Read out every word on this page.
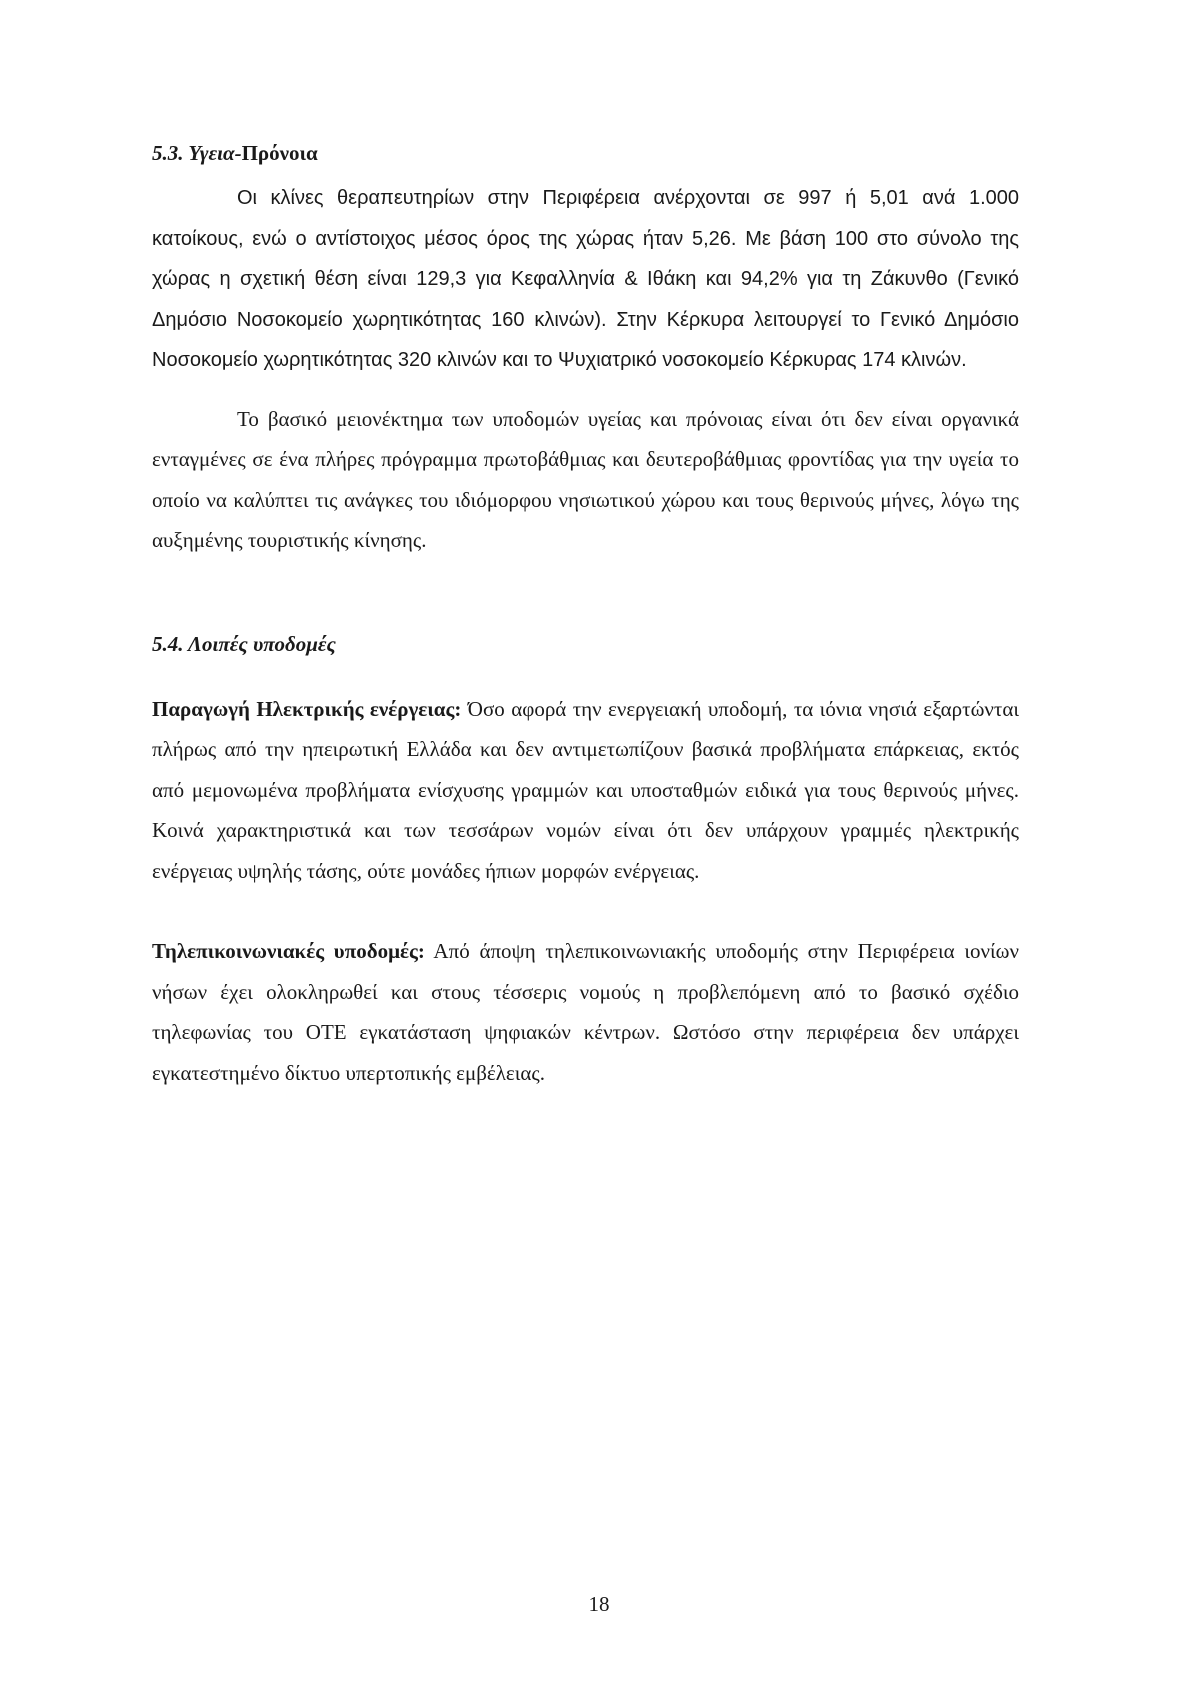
5.3. Υγεια-Πρόνοια

Οι κλίνες θεραπευτηρίων στην Περιφέρεια ανέρχονται σε 997 ή 5,01 ανά 1.000 κατοίκους, ενώ ο αντίστοιχος μέσος όρος της χώρας ήταν 5,26. Με βάση 100 στο σύνολο της χώρας η σχετική θέση είναι 129,3 για Κεφαλληνία & Ιθάκη και 94,2% για τη Ζάκυνθο (Γενικό Δημόσιο Νοσοκομείο χωρητικότητας 160 κλινών). Στην Κέρκυρα λειτουργεί το Γενικό Δημόσιο Νοσοκομείο χωρητικότητας 320 κλινών και το Ψυχιατρικό νοσοκομείο Κέρκυρας 174 κλινών.

Το βασικό μειονέκτημα των υποδομών υγείας και πρόνοιας είναι ότι δεν είναι οργανικά ενταγμένες σε ένα πλήρες πρόγραμμα πρωτοβάθμιας και δευτεροβάθμιας φροντίδας για την υγεία το οποίο να καλύπτει τις ανάγκες του ιδιόμορφου νησιωτικού χώρου και τους θερινούς μήνες, λόγω της αυξημένης τουριστικής κίνησης.

5.4. Λοιπές υποδομές

Παραγωγή Ηλεκτρικής ενέργειας: Όσο αφορά την ενεργειακή υποδομή, τα ιόνια νησιά εξαρτώνται πλήρως από την ηπειρωτική Ελλάδα και δεν αντιμετωπίζουν βασικά προβλήματα επάρκειας, εκτός από μεμονωμένα προβλήματα ενίσχυσης γραμμών και υποσταθμών ειδικά για τους θερινούς μήνες. Κοινά χαρακτηριστικά και των τεσσάρων νομών είναι ότι δεν υπάρχουν γραμμές ηλεκτρικής ενέργειας υψηλής τάσης, ούτε μονάδες ήπιων μορφών ενέργειας.

Τηλεπικοινωνιακές υποδομές: Από άποψη τηλεπικοινωνιακής υποδομής στην Περιφέρεια ιονίων νήσων έχει ολοκληρωθεί και στους τέσσερις νομούς η προβλεπόμενη από το βασικό σχέδιο τηλεφωνίας του ΟΤΕ εγκατάσταση ψηφιακών κέντρων. Ωστόσο στην περιφέρεια δεν υπάρχει εγκατεστημένο δίκτυο υπερτοπικής εμβέλειας.

18
